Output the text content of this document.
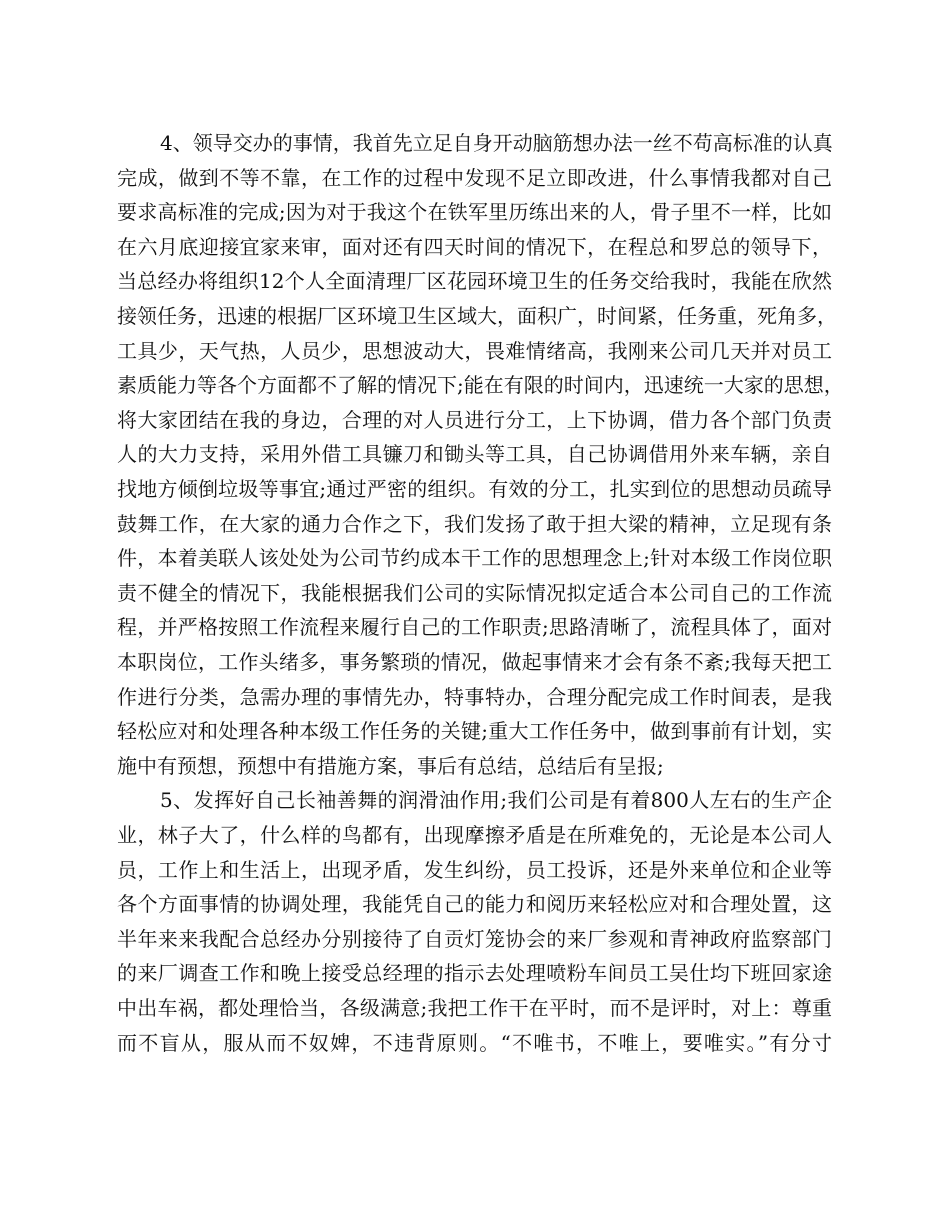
4、领导交办的事情，我首先立足自身开动脑筋想办法一丝不苟高标准的认真
完成，做到不等不靠，在工作的过程中发现不足立即改进，什么事情我都对自己
要求高标准的完成;因为对于我这个在铁军里历练出来的人，骨子里不一样，比如
在六月底迎接宜家来审，面对还有四天时间的情况下，在程总和罗总的领导下，
当总经办将组织12个人全面清理厂区花园环境卫生的任务交给我时，我能在欣然
接领任务，迅速的根据厂区环境卫生区域大，面积广，时间紧，任务重，死角多，
工具少，天气热，人员少，思想波动大，畏难情绪高，我刚来公司几天并对员工
素质能力等各个方面都不了解的情况下;能在有限的时间内，迅速统一大家的思想，
将大家团结在我的身边，合理的对人员进行分工，上下协调，借力各个部门负责
人的大力支持，采用外借工具镰刀和锄头等工具，自己协调借用外来车辆，亲自
找地方倾倒垃圾等事宜;通过严密的组织。有效的分工，扎实到位的思想动员疏导
鼓舞工作，在大家的通力合作之下，我们发扬了敢于担大梁的精神，立足现有条
件，本着美联人该处处为公司节约成本干工作的思想理念上;针对本级工作岗位职
责不健全的情况下，我能根据我们公司的实际情况拟定适合本公司自己的工作流
程，并严格按照工作流程来履行自己的工作职责;思路清晰了，流程具体了，面对
本职岗位，工作头绪多，事务繁琐的情况，做起事情来才会有条不紊;我每天把工
作进行分类，急需办理的事情先办，特事特办，合理分配完成工作时间表，是我
轻松应对和处理各种本级工作任务的关键;重大工作任务中，做到事前有计划，实
施中有预想，预想中有措施方案，事后有总结，总结后有呈报;
5、发挥好自己长袖善舞的润滑油作用;我们公司是有着800人左右的生产企
业，林子大了，什么样的鸟都有，出现摩擦矛盾是在所难免的，无论是本公司人
员，工作上和生活上，出现矛盾，发生纠纷，员工投诉，还是外来单位和企业等
各个方面事情的协调处理，我能凭自己的能力和阅历来轻松应对和合理处置，这
半年来来我配合总经办分别接待了自贡灯笼协会的来厂参观和青神政府监察部门
的来厂调查工作和晚上接受总经理的指示去处理喷粉车间员工吴仕均下班回家途
中出车祸，都处理恰当，各级满意;我把工作干在平时，而不是评时，对上：尊重
而不盲从，服从而不奴婢，不违背原则。“不唯书，不唯上，要唯实。”有分寸
